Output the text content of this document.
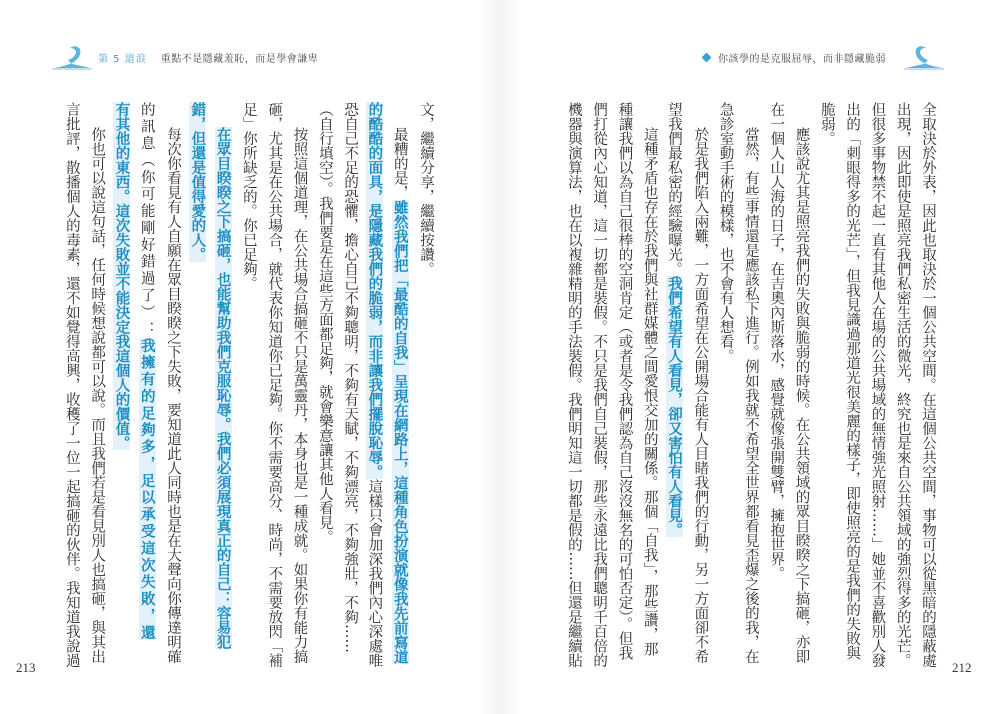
第 5 道浪 重點不是隱藏羞恥，而是學會謙卑	你該學的是克服屈辱，而非隱藏脆弱
文，繼續分享，繼續按讚。
最糟的是，雖然我們把「最酷的自我」呈現在網路上，這種角色扮演就像我先前寫道
的酷酷的面具，是隱藏我們的脆弱，而非讓我們擺脫恥辱。這樣只會加深我們內心深處唯
恐自己不足的恐懼，擔心自己不夠聰明，不夠有天賦，不夠漂亮，不夠強壯，不夠……
（自行填空）。我們要是在這些方面都足夠，就會樂意讓其他人看見。
按照這個道理，在公共場合搞砸不只是萬靈丹，本身也是一種成就。如果你有能力搞
砸，尤其是在公共場合，就代表你知道你已足夠。你不需要高分、時尚，不需要放閃「補
足」你所缺乏的。你已足夠。
在眾目睽睽之下搞砸，也能幫助我們克服恥辱。我們必須展現真正的自己：容易犯
錯，但還是值得愛的人。
每次你看見有人自願在眾目睽睽之下失敗，要知道此人同時也是在大聲向你傳達明確
的訊息（你可能剛好錯過了）：我擁有的足夠多，足以承受這次失敗，還
有其他的東西。這次失敗並不能決定我這個人的價值。
你也可以說這句話，任何時候想說都可以說。而且我們若是看見別人也搞砸，與其出
言批評，散播個人的毒素，還不如覺得高興，收穫了一位一起搞砸的伙伴。我知道我說過	全取決於外表，因此也取決於一個公共空間。在這個公共空間，事物可以從黑暗的隱蔽處
出現，因此即使是照亮我們私密生活的微光，終究也是來自公共領域的強烈得多的光芒。
但很多事物禁不起一直有其他人在場的公共場域的無情強光照射……」她並不喜歡別人發
出的「刺眼得多的光芒」，但我見識過那道光很美麗的樣子，即使照亮的是我們的失敗與
脆弱。
應該說尤其是照亮我們的失敗與脆弱的時候。在公共領域的眾目睽睽之下搞砸，亦即
在一個人山人海的日子，在吉奧內斯落水，感覺就像張開雙臂，擁抱世界。
當然，有些事情還是應該私下進行。例如我就不希望全世界都看見歪爆之後的我，在
急診室動手術的模樣，也不會有人想看。
於是我們陷入兩難，一方面希望在公開場合能有人目睹我們的行動，另一方面卻不希
望我們最私密的經驗曝光。我們希望有人看見，卻又害怕有人看見。
這種矛盾也存在於我們與社群媒體之間愛恨交加的關係。那個「自我」，那些讚，那
種讓我們以為自己很棒的空洞肯定（或者是令我們認為自己沒沒無名的可怕否定）。但我
們打從內心知道，這一切都是裝假。不只是我們自己裝假，那些永遠比我們聰明千百倍的
機器與演算法，也在以複雜精明的手法裝假。我們明知這一切都是假的……但還是繼續貼
213	212
